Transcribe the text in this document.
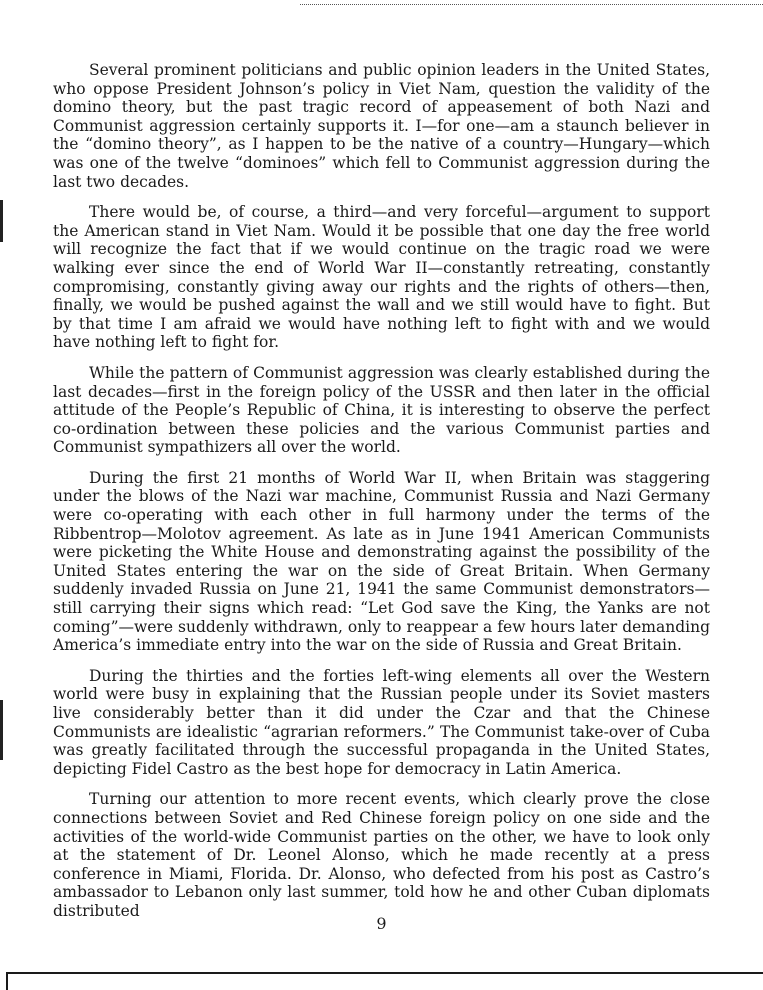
Several prominent politicians and public opinion leaders in the United States, who oppose President Johnson’s policy in Viet Nam, question the validity of the domino theory, but the past tragic record of appeasement of both Nazi and Communist aggression certainly supports it. I—for one—am a staunch believer in the “domino theory”, as I happen to be the native of a country—Hungary—which was one of the twelve “dominoes” which fell to Communist aggression during the last two decades.

There would be, of course, a third—and very forceful—argument to support the American stand in Viet Nam. Would it be possible that one day the free world will recognize the fact that if we would continue on the tragic road we were walking ever since the end of World War II—constantly retreating, constantly compromising, constantly giving away our rights and the rights of others—then, finally, we would be pushed against the wall and we still would have to fight. But by that time I am afraid we would have nothing left to fight with and we would have nothing left to fight for.

While the pattern of Communist aggression was clearly established during the last decades—first in the foreign policy of the USSR and then later in the official attitude of the People’s Republic of China, it is interesting to observe the perfect co-ordination between these policies and the various Communist parties and Communist sympathizers all over the world.

During the first 21 months of World War II, when Britain was staggering under the blows of the Nazi war machine, Communist Russia and Nazi Germany were co-operating with each other in full harmony under the terms of the Ribbentrop—Molotov agreement. As late as in June 1941 American Communists were picketing the White House and demonstrating against the possibility of the United States entering the war on the side of Great Britain. When Germany suddenly invaded Russia on June 21, 1941 the same Communist demonstrators—still carrying their signs which read: “Let God save the King, the Yanks are not coming”—were suddenly withdrawn, only to reappear a few hours later demanding America’s immediate entry into the war on the side of Russia and Great Britain.

During the thirties and the forties left-wing elements all over the Western world were busy in explaining that the Russian people under its Soviet masters live considerably better than it did under the Czar and that the Chinese Communists are idealistic “agrarian reformers.” The Communist take-over of Cuba was greatly facilitated through the successful propaganda in the United States, depicting Fidel Castro as the best hope for democracy in Latin America.

Turning our attention to more recent events, which clearly prove the close connections between Soviet and Red Chinese foreign policy on one side and the activities of the world-wide Communist parties on the other, we have to look only at the statement of Dr. Leonel Alonso, which he made recently at a press conference in Miami, Florida. Dr. Alonso, who defected from his post as Castro’s ambassador to Lebanon only last summer, told how he and other Cuban diplomats distributed

9
